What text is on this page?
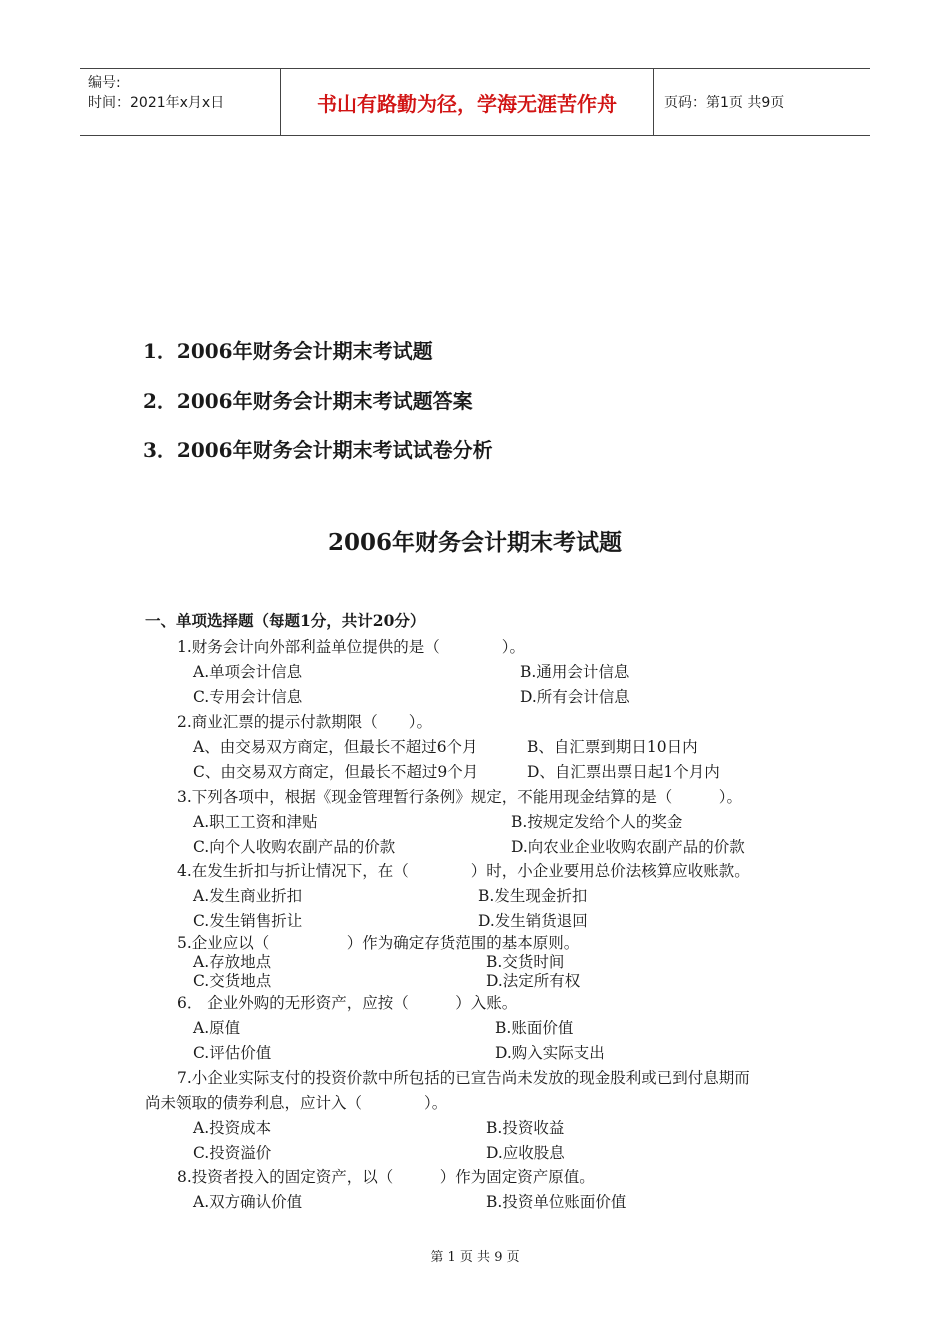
编号:
时间：2021年x月x日	书山有路勤为径，学海无涯苦作舟	页码：第1页 共9页
1．2006年财务会计期末考试题
2．2006年财务会计期末考试题答案
3．2006年财务会计期末考试试卷分析
2006年财务会计期末考试题
一、单项选择题（每题1分，共计20分）
1.财务会计向外部利益单位提供的是（　　　　）。
A.单项会计信息	B.通用会计信息
C.专用会计信息	D.所有会计信息
2.商业汇票的提示付款期限（　　）。
A、由交易双方商定，但最长不超过6个月	B、自汇票到期日10日内
C、由交易双方商定，但最长不超过9个月	D、自汇票出票日起1个月内
3.下列各项中，根据《现金管理暂行条例》规定，不能用现金结算的是（　　　）。
A.职工工资和津贴	B.按规定发给个人的奖金
C.向个人收购农副产品的价款	D.向农业企业收购农副产品的价款
4.在发生折扣与折让情况下，在（　　　　）时，小企业要用总价法核算应收账款。
A.发生商业折扣	B.发生现金折扣
C.发生销售折让	D.发生销货退回
5.企业应以（　　　　　）作为确定存货范围的基本原则。
A.存放地点	B.交货时间
C.交货地点	D.法定所有权
6． 企业外购的无形资产，应按（　　　）入账。
A.原值	B.账面价值
C.评估价值	D.购入实际支出
7.小企业实际支付的投资价款中所包括的已宣告尚未发放的现金股利或已到付息期而
尚未领取的债券利息，应计入（　　　　）。
A.投资成本	B.投资收益
C.投资溢价	D.应收股息
8.投资者投入的固定资产，以（　　　）作为固定资产原值。
A.双方确认价值	B.投资单位账面价值
第 1 页 共 9 页
